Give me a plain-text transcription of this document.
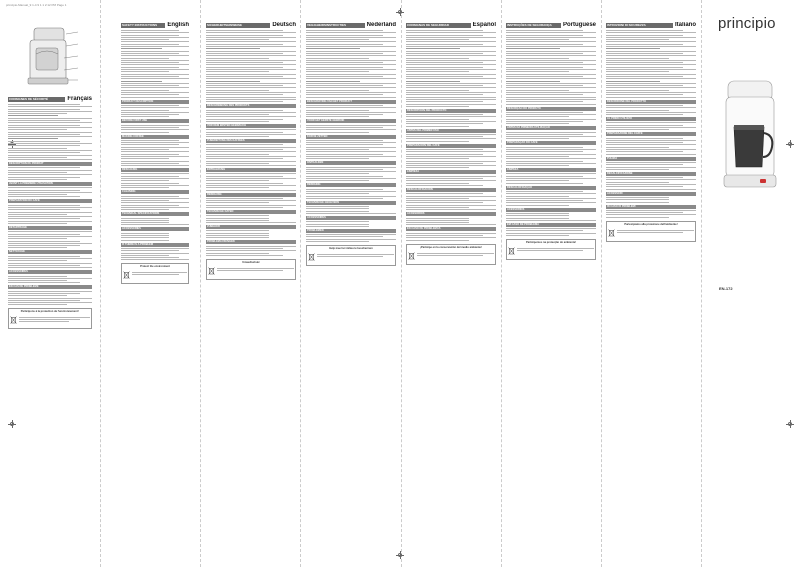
principio-Manual_9 1-4 9 1 1 2:12 PM Page 1
CONSIGNES DE SÉCURITÉ	Français
DESCRIPTION DU PRODUIT
AVANT LA PREMIÈRE UTILISATION
PRÉPARATION DU CAFÉ
DÉTARTRAGE
NETTOYAGE
ACCESSOIRES
EN CAS DE PROBLÈME
Participons à la protection de l'environnement !
SAFETY INSTRUCTIONS English
PRODUCT DESCRIPTION
BEFORE FIRST USE
MAKING COFFEE
DESCALING
CLEANING
TECHNICAL SPECIFICATIONS
ACCESSORIES
IF THERE IS A PROBLEM
Protect the environment
SICHERHEITSHINWEISE	Deutsch
BESCHREIBUNG DES PRODUKTS
VOR DEM ERSTEN GEBRAUCH
ZUBEREITUNG DES KAFFEES
ENTKALKUNG
REINIGUNG
TECHNISCHE DATEN
ZUBEHÖR
PROBLEMLÖSUNGEN
Umweltschutz
VEILIGHEIDSINSTRUCTIES	Nederland
BESCHRIJVING VAN HET PRODUCT
VOOR HET EERSTE GEBRUIK
KOFFIE ZETTEN
ONTKALKEN
REINIGING
TECHNISCHE GEGEVENS
ACCESSOIRES
PROBLEMEN
Help mee het milieu te beschermen
CONSIGNAS DE SEGURIDAD	Español
DESCRIPCIÓN DEL PRODUCTO
ANTES DEL PRIMER USO
PREPARACIÓN DEL CAFÉ
LIMPIEZA
DESCALCIFICACIÓN
ACCESORIOS
EN CASO DE PROBLEMAS
¡Participe en la conservación del medio ambiente!
INSTRUÇÕES DE SEGURANÇA Portuguese
DESCRIÇÃO DO PRODUTO
ANTES DA PRIMEIRA UTILIZAÇÃO
PREPARAÇÃO DO CAFÉ
LIMPEZA
DESCALCIFICAÇÃO
ACESSÓRIOS
EM CASO DE PROBLEMA
Participemos na protecção do ambiente!
ISTRUZIONI DI SICUREZZA	Italiano
DESCRIZIONE DEL PRODOTTO
AL PRIMO UTILIZZO
PREPARAZIONE DEL CAFFÈ
PULIZIA
DECALCIFICAZIONE
ACCESSORI
IN CASO DI PROBLEMI
Partecipiamo alla protezione dell'ambiente!
principio
EN-172
